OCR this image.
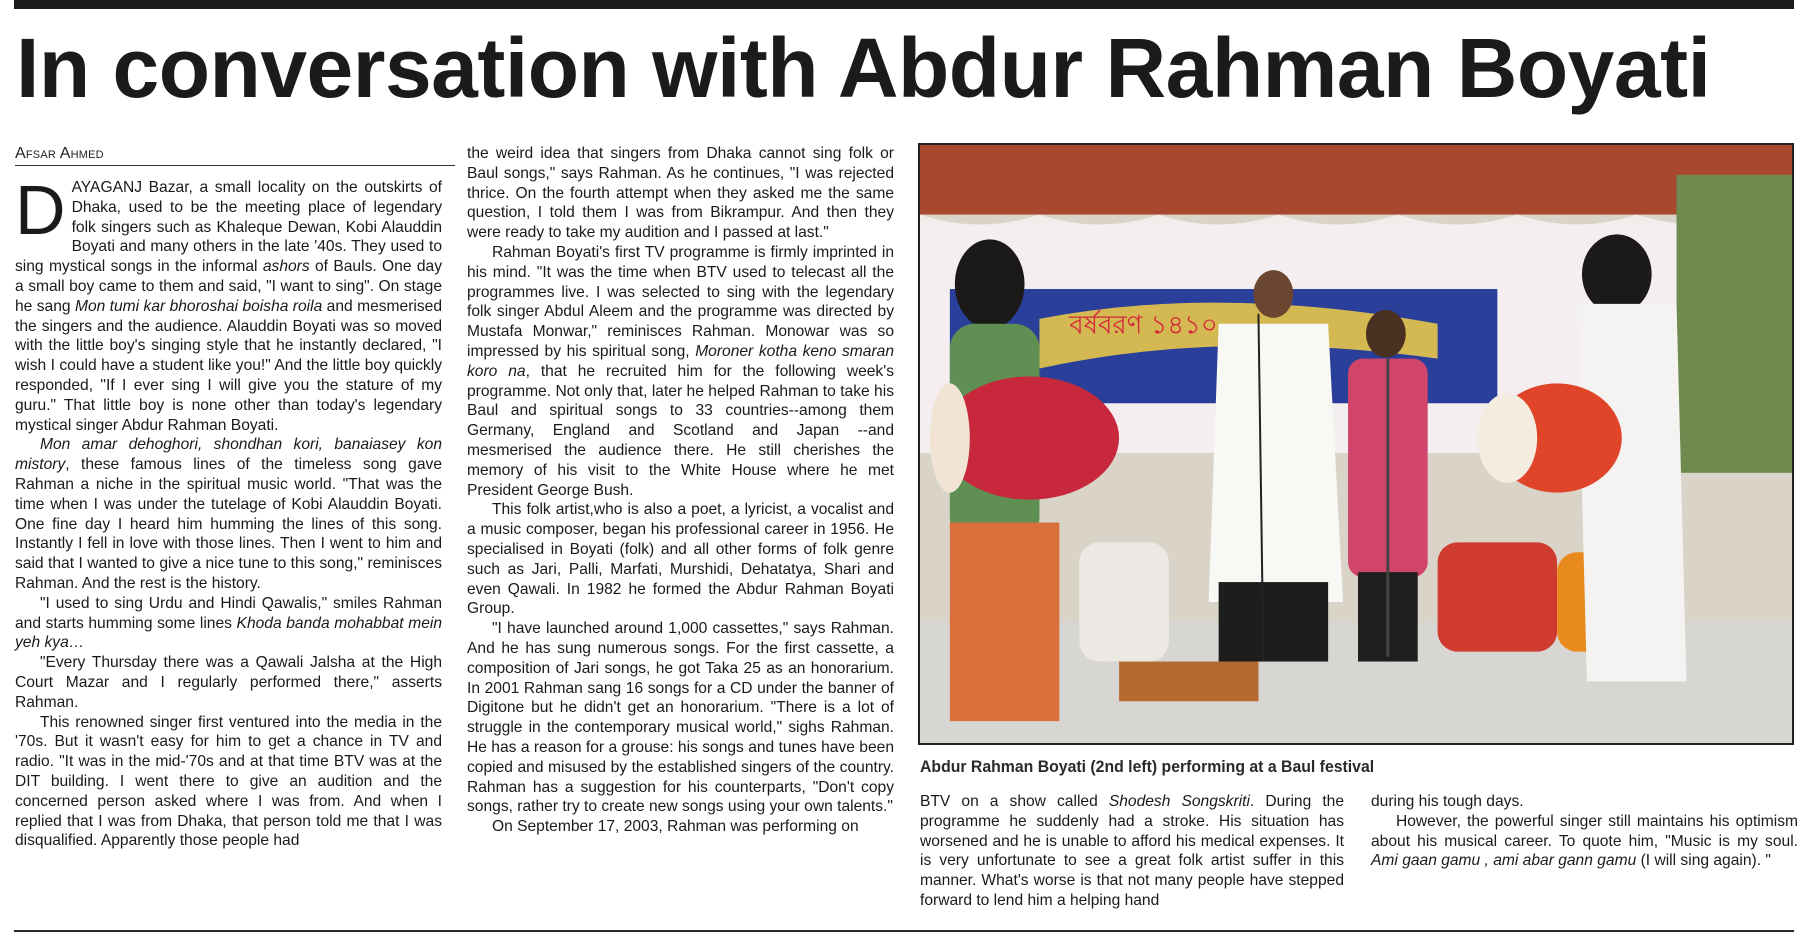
In conversation with Abdur Rahman Boyati
Afsar Ahmed

DAYAGANJ Bazar, a small locality on the outskirts of Dhaka, used to be the meeting place of legendary folk singers such as Khaleque Dewan, Kobi Alauddin Boyati and many others in the late '40s. They used to sing mystical songs in the informal ashors of Bauls. One day a small boy came to them and said, "I want to sing". On stage he sang Mon tumi kar bhoroshai boisha roila and mesmerised the singers and the audience. Alauddin Boyati was so moved with the little boy's singing style that he instantly declared, "I wish I could have a student like you!" And the little boy quickly responded, "If I ever sing I will give you the stature of my guru." That little boy is none other than today's legendary mystical singer Abdur Rahman Boyati.

Mon amar dehoghori, shondhan kori, banaiasey kon mistory, these famous lines of the timeless song gave Rahman a niche in the spiritual music world. "That was the time when I was under the tutelage of Kobi Alauddin Boyati. One fine day I heard him humming the lines of this song. Instantly I fell in love with those lines. Then I went to him and said that I wanted to give a nice tune to this song," reminisces Rahman. And the rest is the history.

"I used to sing Urdu and Hindi Qawalis," smiles Rahman and starts humming some lines Khoda banda mohabbat mein yeh kya…

"Every Thursday there was a Qawali Jalsha at the High Court Mazar and I regularly performed there," asserts Rahman.

This renowned singer first ventured into the media in the '70s. But it wasn't easy for him to get a chance in TV and radio. "It was in the mid-'70s and at that time BTV was at the DIT building. I went there to give an audition and the concerned person asked where I was from. And when I replied that I was from Dhaka, that person told me that I was disqualified. Apparently those people had

the weird idea that singers from Dhaka cannot sing folk or Baul songs," says Rahman. As he continues, "I was rejected thrice. On the fourth attempt when they asked me the same question, I told them I was from Bikrampur. And then they were ready to take my audition and I passed at last."

Rahman Boyati's first TV programme is firmly imprinted in his mind. "It was the time when BTV used to telecast all the programmes live. I was selected to sing with the legendary folk singer Abdul Aleem and the programme was directed by Mustafa Monwar," reminisces Rahman. Monowar was so impressed by his spiritual song, Moroner kotha keno smaran koro na, that he recruited him for the following week's programme. Not only that, later he helped Rahman to take his Baul and spiritual songs to 33 countries--among them Germany, England and Scotland and Japan --and mesmerised the audience there. He still cherishes the memory of his visit to the White House where he met President George Bush.

This folk artist,who is also a poet, a lyricist, a vocalist and a music composer, began his professional career in 1956. He specialised in Boyati (folk) and all other forms of folk genre such as Jari, Palli, Marfati, Murshidi, Dehatatya, Shari and even Qawali. In 1982 he formed the Abdur Rahman Boyati Group.

"I have launched around 1,000 cassettes," says Rahman. And he has sung numerous songs. For the first cassette, a composition of Jari songs, he got Taka 25 as an honorarium. In 2001 Rahman sang 16 songs for a CD under the banner of Digitone but he didn't get an honorarium. "There is a lot of struggle in the contemporary musical world," sighs Rahman. He has a reason for a grouse: his songs and tunes have been copied and misused by the established singers of the country. Rahman has a suggestion for his counterparts, "Don't copy songs, rather try to create new songs using your own talents."

On September 17, 2003, Rahman was performing on

বর্ষবরণ ১৪১০
Abdur Rahman Boyati (2nd left) performing at a Baul festival

BTV on a show called Shodesh Songskriti. During the programme he suddenly had a stroke. His situation has worsened and he is unable to afford his medical expenses. It is very unfortunate to see a great folk artist suffer in this manner. What's worse is that not many people have stepped forward to lend him a helping hand

during his tough days.

However, the powerful singer still maintains his optimism about his musical career. To quote him, "Music is my soul. Ami gaan gamu , ami abar gann gamu (I will sing again). "
